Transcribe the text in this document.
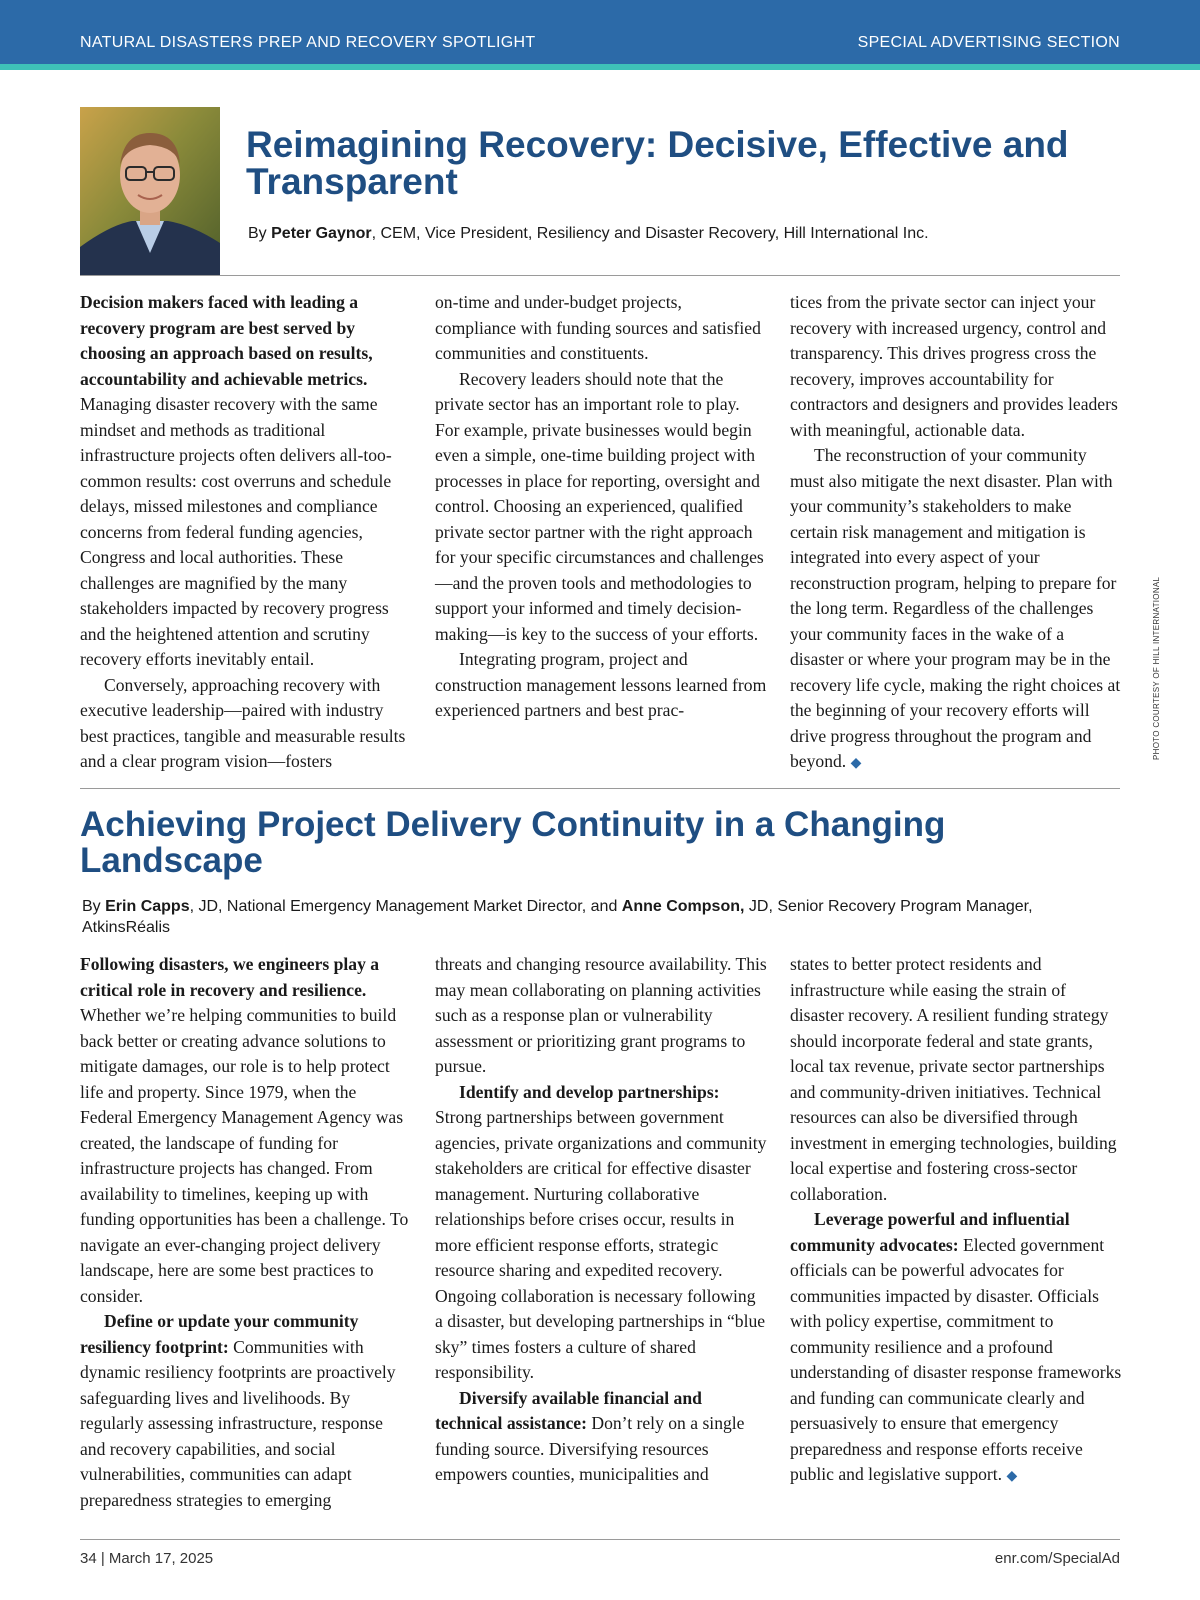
NATURAL DISASTERS PREP AND RECOVERY SPOTLIGHT	SPECIAL ADVERTISING SECTION
Reimagining Recovery: Decisive, Effective and Transparent
By Peter Gaynor, CEM, Vice President, Resiliency and Disaster Recovery, Hill International Inc.

Decision makers faced with leading a recovery program are best served by choosing an approach based on results, accountability and achievable metrics. Managing disaster recovery with the same mindset and methods as traditional infrastructure projects often delivers all-too-common results: cost overruns and schedule delays, missed milestones and compliance concerns from federal funding agencies, Congress and local authorities. These challenges are magnified by the many stakeholders impacted by recovery progress and the heightened attention and scrutiny recovery efforts inevitably entail.

Conversely, approaching recovery with executive leadership—paired with industry best practices, tangible and measurable results and a clear program vision—fosters

on-time and under-budget projects, compliance with funding sources and satisfied communities and constituents.

Recovery leaders should note that the private sector has an important role to play. For example, private businesses would begin even a simple, one-time building project with processes in place for reporting, oversight and control. Choosing an experienced, qualified private sector partner with the right approach for your specific circumstances and challenges—and the proven tools and methodologies to support your informed and timely decision-making—is key to the success of your efforts.

Integrating program, project and construction management lessons learned from experienced partners and best prac-

tices from the private sector can inject your recovery with increased urgency, control and transparency. This drives progress cross the recovery, improves accountability for contractors and designers and provides leaders with meaningful, actionable data.

The reconstruction of your community must also mitigate the next disaster. Plan with your community’s stakeholders to make certain risk management and mitigation is integrated into every aspect of your reconstruction program, helping to prepare for the long term. Regardless of the challenges your community faces in the wake of a disaster or where your program may be in the recovery life cycle, making the right choices at the beginning of your recovery efforts will drive progress throughout the program and beyond. ◆

PHOTO COURTESY OF HILL INTERNATIONAL
Achieving Project Delivery Continuity in a Changing Landscape
By Erin Capps, JD, National Emergency Management Market Director, and Anne Compson, JD, Senior Recovery Program Manager, AtkinsRéalis

Following disasters, we engineers play a critical role in recovery and resilience. Whether we’re helping communities to build back better or creating advance solutions to mitigate damages, our role is to help protect life and property. Since 1979, when the Federal Emergency Management Agency was created, the landscape of funding for infrastructure projects has changed. From availability to timelines, keeping up with funding opportunities has been a challenge. To navigate an ever-changing project delivery landscape, here are some best practices to consider.

Define or update your community resiliency footprint: Communities with dynamic resiliency footprints are proactively safeguarding lives and livelihoods. By regularly assessing infrastructure, response and recovery capabilities, and social vulnerabilities, communities can adapt preparedness strategies to emerging

threats and changing resource availability. This may mean collaborating on planning activities such as a response plan or vulnerability assessment or prioritizing grant programs to pursue.

Identify and develop partnerships: Strong partnerships between government agencies, private organizations and community stakeholders are critical for effective disaster management. Nurturing collaborative relationships before crises occur, results in more efficient response efforts, strategic resource sharing and expedited recovery. Ongoing collaboration is necessary following a disaster, but developing partnerships in “blue sky” times fosters a culture of shared responsibility.

Diversify available financial and technical assistance: Don’t rely on a single funding source. Diversifying resources empowers counties, municipalities and

states to better protect residents and infrastructure while easing the strain of disaster recovery. A resilient funding strategy should incorporate federal and state grants, local tax revenue, private sector partnerships and community-driven initiatives. Technical resources can also be diversified through investment in emerging technologies, building local expertise and fostering cross-sector collaboration.

Leverage powerful and influential community advocates: Elected government officials can be powerful advocates for communities impacted by disaster. Officials with policy expertise, commitment to community resilience and a profound understanding of disaster response frameworks and funding can communicate clearly and persuasively to ensure that emergency preparedness and response efforts receive public and legislative support. ◆

34 | March 17, 2025	enr.com/SpecialAd
